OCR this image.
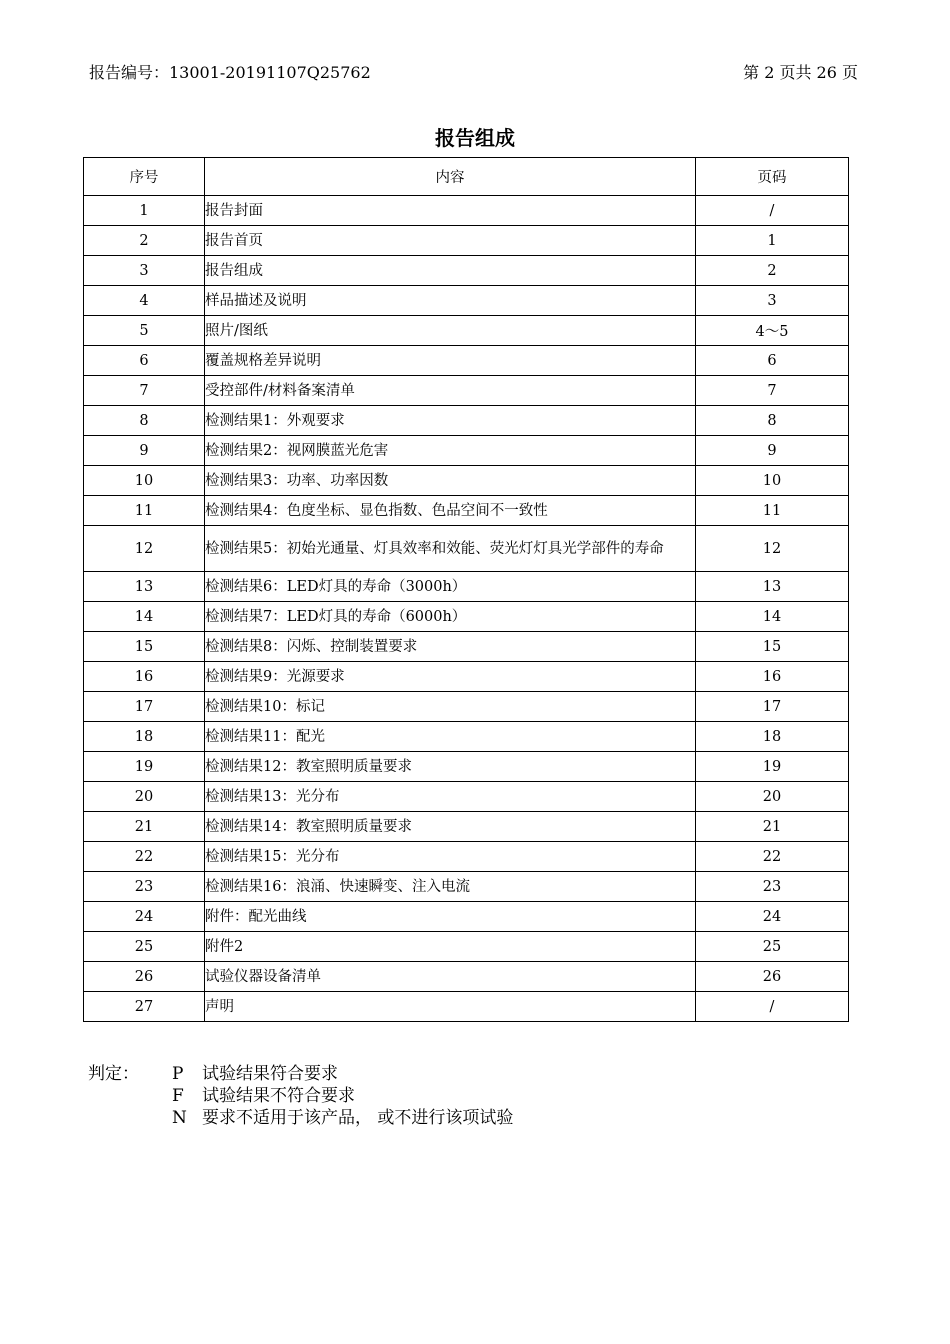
报告编号：13001-20191107Q25762	第 2 页共 26 页
报告组成
序号	内容	页码
1	报告封面	/
2	报告首页	1
3	报告组成	2
4	样品描述及说明	3
5	照片/图纸	4～5
6	覆盖规格差异说明	6
7	受控部件/材料备案清单	7
8	检测结果1：外观要求	8
9	检测结果2：视网膜蓝光危害	9
10	检测结果3：功率、功率因数	10
11	检测结果4：色度坐标、显色指数、色品空间不一致性	11
12	检测结果5：初始光通量、灯具效率和效能、荧光灯灯具光学部件的寿命	12
13	检测结果6：LED灯具的寿命（3000h）	13
14	检测结果7：LED灯具的寿命（6000h）	14
15	检测结果8：闪烁、控制装置要求	15
16	检测结果9：光源要求	16
17	检测结果10：标记	17
18	检测结果11：配光	18
19	检测结果12：教室照明质量要求	19
20	检测结果13：光分布	20
21	检测结果14：教室照明质量要求	21
22	检测结果15：光分布	22
23	检测结果16：浪涌、快速瞬变、注入电流	23
24	附件：配光曲线	24
25	附件2	25
26	试验仪器设备清单	26
27	声明	/
判定：	P 试验结果符合要求
F 试验结果不符合要求
N 要求不适用于该产品， 或不进行该项试验
